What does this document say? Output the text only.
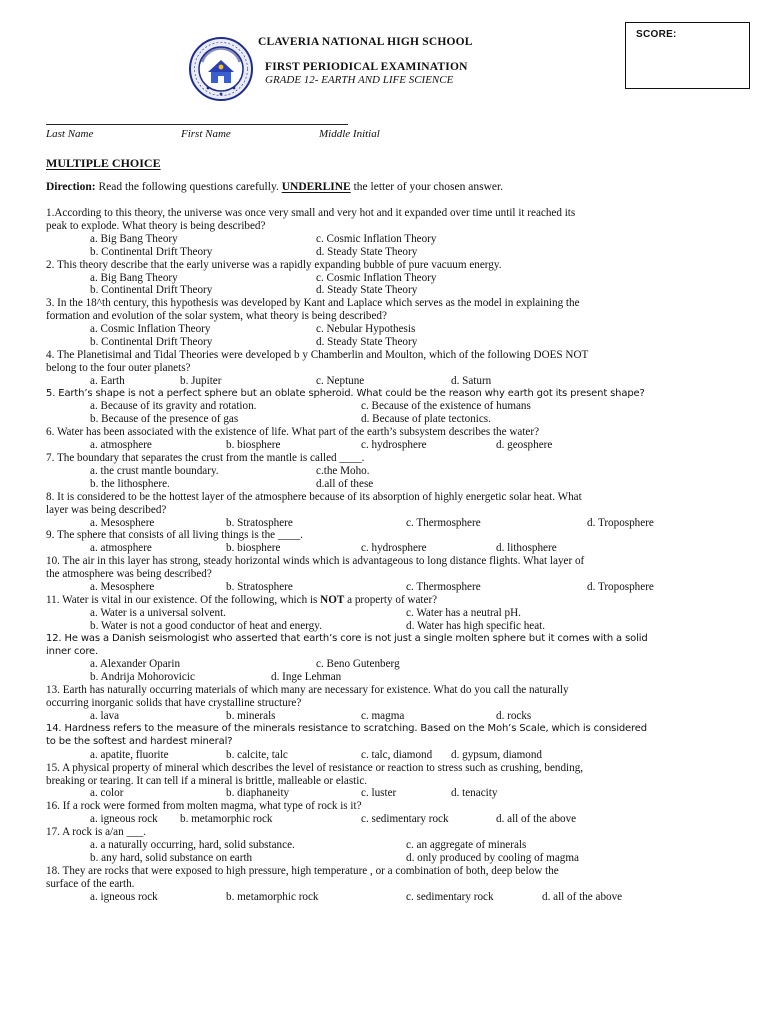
SCORE:
CLAVERIA NATIONAL HIGH SCHOOL
FIRST PERIODICAL EXAMINATION
GRADE 12- EARTH AND LIFE SCIENCE
Last Name	First Name	Middle Initial
MULTIPLE CHOICE
Direction: Read the following questions carefully. UNDERLINE the letter of your chosen answer.
1.According to this theory, the universe was once very small and very hot and it expanded over time until it reached its
peak to explode. What theory is being described?
a. Big Bang Theory	c. Cosmic Inflation Theory
b. Continental Drift Theory	d. Steady State Theory
2. This theory describe that the early universe was a rapidly expanding bubble of pure vacuum energy.
a. Big Bang Theory	c. Cosmic Inflation Theory
b. Continental Drift Theory	d. Steady State Theory
3. In the 18^th century, this hypothesis was developed by Kant and Laplace which serves as the model in explaining the
formation and evolution of the solar system, what theory is being described?
a. Cosmic Inflation Theory	c. Nebular Hypothesis
b. Continental Drift Theory	d. Steady State Theory
4. The Planetisimal and Tidal Theories were developed b y Chamberlin and Moulton, which of the following DOES NOT
belong to the four outer planets?
a. Earth	b. Jupiter	c. Neptune	d. Saturn
5. Earth’s shape is not a perfect sphere but an oblate spheroid. What could be the reason why earth got its present shape?
a. Because of its gravity and rotation.	c. Because of the existence of humans
b. Because of the presence of gas	d. Because of plate tectonics.
6. Water has been associated with the existence of life. What part of the earth’s subsystem describes the water?
a. atmosphere	b. biosphere	c. hydrosphere	d. geosphere
7. The boundary that separates the crust from the mantle is called ____.
a. the crust mantle boundary.	c.the Moho.
b. the lithosphere.	d.all of these
8. It is considered to be the hottest layer of the atmosphere because of its absorption of highly energetic solar heat. What
layer was being described?
a. Mesosphere	b. Stratosphere	c. Thermosphere	d. Troposphere
9. The sphere that consists of all living things is the ____.
a. atmosphere	b. biosphere	c. hydrosphere	d. lithosphere
10. The air in this layer has strong, steady horizontal winds which is advantageous to long distance flights. What layer of
the atmosphere was being described?
a. Mesosphere	b. Stratosphere	c. Thermosphere	d. Troposphere
11. Water is vital in our existence. Of the following, which is NOT a property of water?
a. Water is a universal solvent.	c. Water has a neutral pH.
b. Water is not a good conductor of heat and energy.	d. Water has high specific heat.
12. He was a Danish seismologist who asserted that earth’s core is not just a single molten sphere but it comes with a solid
inner core.
a. Alexander Oparin	c. Beno Gutenberg
b. Andrija Mohorovicic	d. Inge Lehman
13. Earth has naturally occurring materials of which many are necessary for existence. What do you call the naturally
occurring inorganic solids that have crystalline structure?
a. lava	b. minerals	c. magma	d. rocks
14. Hardness refers to the measure of the minerals resistance to scratching. Based on the Moh’s Scale, which is considered
to be the softest and hardest mineral?
a. apatite, fluorite	b. calcite, talc	c. talc, diamond d. gypsum, diamond
15. A physical property of mineral which describes the level of resistance or reaction to stress such as crushing, bending,
breaking or tearing. It can tell if a mineral is brittle, malleable or elastic.
a. color	b. diaphaneity	c. luster	d. tenacity
16. If a rock were formed from molten magma, what type of rock is it?
a. igneous rock b. metamorphic rock	c. sedimentary rock	d. all of the above
17. A rock is a/an ___.
a. a naturally occurring, hard, solid substance.	c. an aggregate of minerals
b. any hard, solid substance on earth	d. only produced by cooling of magma
18. They are rocks that were exposed to high pressure, high temperature , or a combination of both, deep below the
surface of the earth.
a. igneous rock	b. metamorphic rock	c. sedimentary rock	d. all of the above
